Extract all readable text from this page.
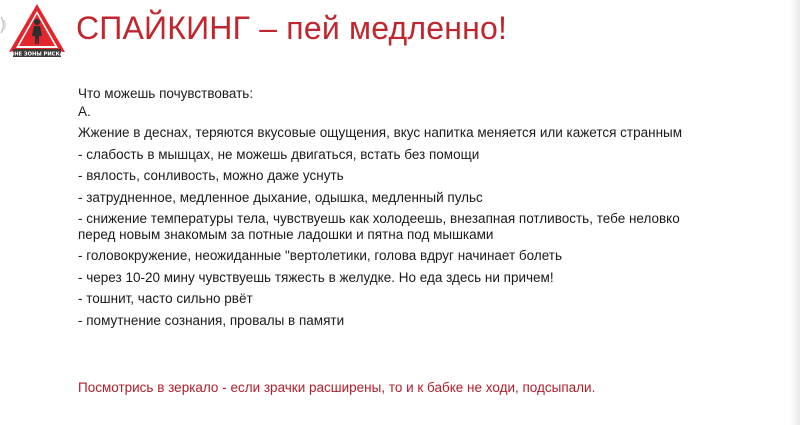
ВНЕ ЗОНЫ РИСКА
СПАЙКИНГ – пей медленно!

Что можешь почувствовать:

А.

Жжение в деснах, теряются вкусовые ощущения, вкус напитка меняется или кажется странным

- слабость в мышцах, не можешь двигаться, встать без помощи

- вялость, сонливость, можно даже уснуть

- затрудненное, медленное дыхание, одышка, медленный пульс

- снижение температуры тела, чувствуешь как холодеешь, внезапная потливость, тебе неловко перед новым знакомым за потные ладошки и пятна под мышками

- головокружение, неожиданные "вертолетики, голова вдруг начинает болеть

- через 10-20 мину чувствуешь тяжесть в желудке. Но еда здесь ни причем!

- тошнит, часто сильно рвёт

- помутнение сознания, провалы в памяти

Посмотрись в зеркало - если зрачки расширены, то и к бабке не ходи, подсыпали.
